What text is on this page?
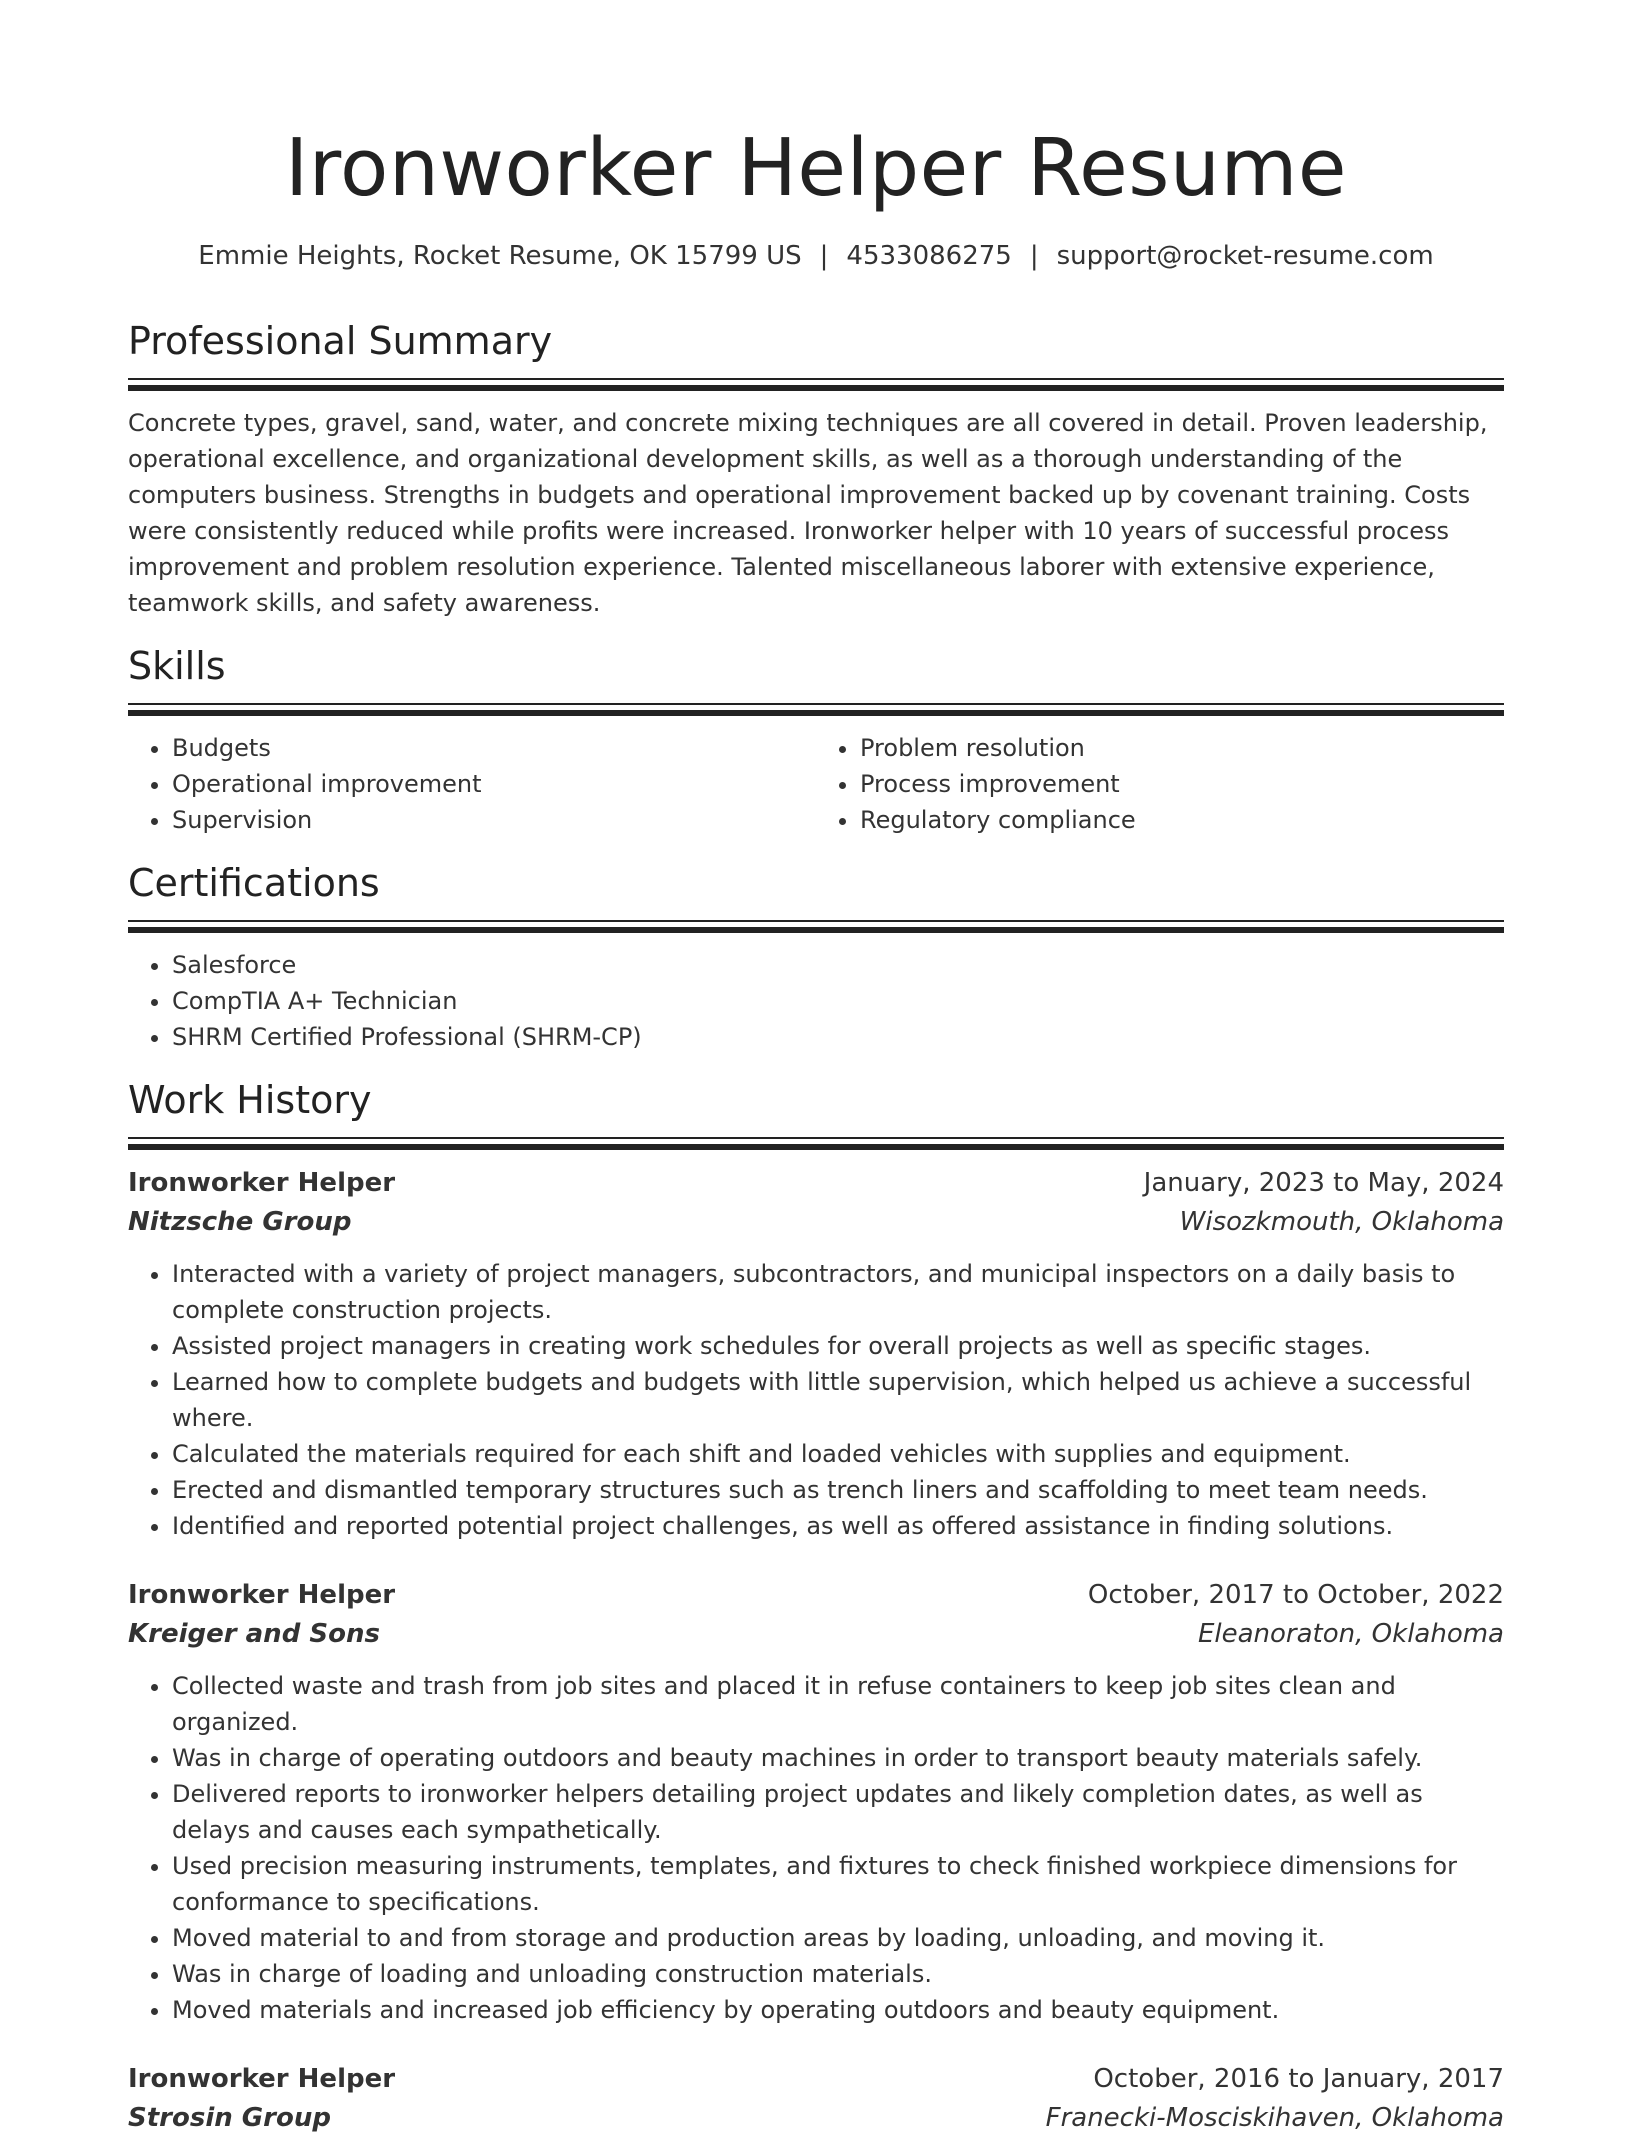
Ironworker Helper Resume
Emmie Heights, Rocket Resume, OK 15799 US | 4533086275 | support@rocket-resume.com
Professional Summary

Concrete types, gravel, sand, water, and concrete mixing techniques are all covered in detail. Proven leadership, operational excellence, and organizational development skills, as well as a thorough understanding of the computers business. Strengths in budgets and operational improvement backed up by covenant training. Costs were consistently reduced while profits were increased. Ironworker helper with 10 years of successful process improvement and problem resolution experience. Talented miscellaneous laborer with extensive experience, teamwork skills, and safety awareness.

Skills
• Budgets
• Operational improvement
• Supervision
• Problem resolution
• Process improvement
• Regulatory compliance
Certifications
• Salesforce
• CompTIA A+ Technician
• SHRM Certified Professional (SHRM-CP)
Work History
Ironworker Helper	January, 2023 to May, 2024
Nitzsche Group	Wisozkmouth, Oklahoma
• Interacted with a variety of project managers, subcontractors, and municipal inspectors on a daily basis to complete construction projects.
• Assisted project managers in creating work schedules for overall projects as well as specific stages.
• Learned how to complete budgets and budgets with little supervision, which helped us achieve a successful where.
• Calculated the materials required for each shift and loaded vehicles with supplies and equipment.
• Erected and dismantled temporary structures such as trench liners and scaffolding to meet team needs.
• Identified and reported potential project challenges, as well as offered assistance in finding solutions.
Ironworker Helper	October, 2017 to October, 2022
Kreiger and Sons	Eleanoraton, Oklahoma
• Collected waste and trash from job sites and placed it in refuse containers to keep job sites clean and organized.
• Was in charge of operating outdoors and beauty machines in order to transport beauty materials safely.
• Delivered reports to ironworker helpers detailing project updates and likely completion dates, as well as delays and causes each sympathetically.
• Used precision measuring instruments, templates, and fixtures to check finished workpiece dimensions for conformance to specifications.
• Moved material to and from storage and production areas by loading, unloading, and moving it.
• Was in charge of loading and unloading construction materials.
• Moved materials and increased job efficiency by operating outdoors and beauty equipment.
Ironworker Helper	October, 2016 to January, 2017
Strosin Group	Franecki-Mosciskihaven, Oklahoma
